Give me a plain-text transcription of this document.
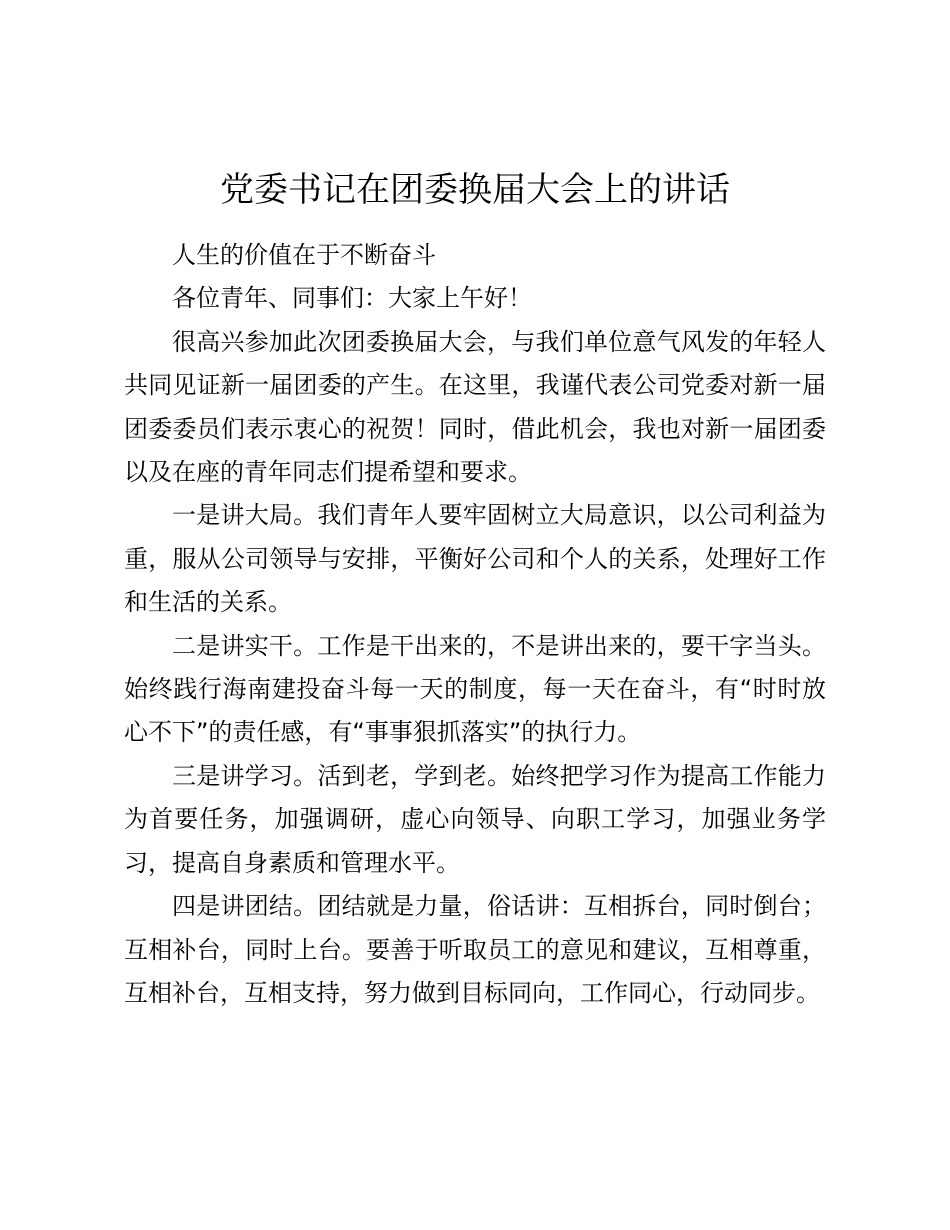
党委书记在团委换届大会上的讲话

人生的价值在于不断奋斗

各位青年、同事们：大家上午好！

很高兴参加此次团委换届大会，与我们单位意气风发的年轻人共同见证新一届团委的产生。在这里，我谨代表公司党委对新一届团委委员们表示衷心的祝贺！同时，借此机会，我也对新一届团委以及在座的青年同志们提希望和要求。

一是讲大局。我们青年人要牢固树立大局意识，以公司利益为重，服从公司领导与安排，平衡好公司和个人的关系，处理好工作和生活的关系。

二是讲实干。工作是干出来的，不是讲出来的，要干字当头。始终践行海南建投奋斗每一天的制度，每一天在奋斗，有“时时放心不下”的责任感，有“事事狠抓落实”的执行力。

三是讲学习。活到老，学到老。始终把学习作为提高工作能力为首要任务，加强调研，虚心向领导、向职工学习，加强业务学习，提高自身素质和管理水平。

四是讲团结。团结就是力量，俗话讲：互相拆台，同时倒台；互相补台，同时上台。要善于听取员工的意见和建议，互相尊重，互相补台，互相支持，努力做到目标同向，工作同心，行动同步。
